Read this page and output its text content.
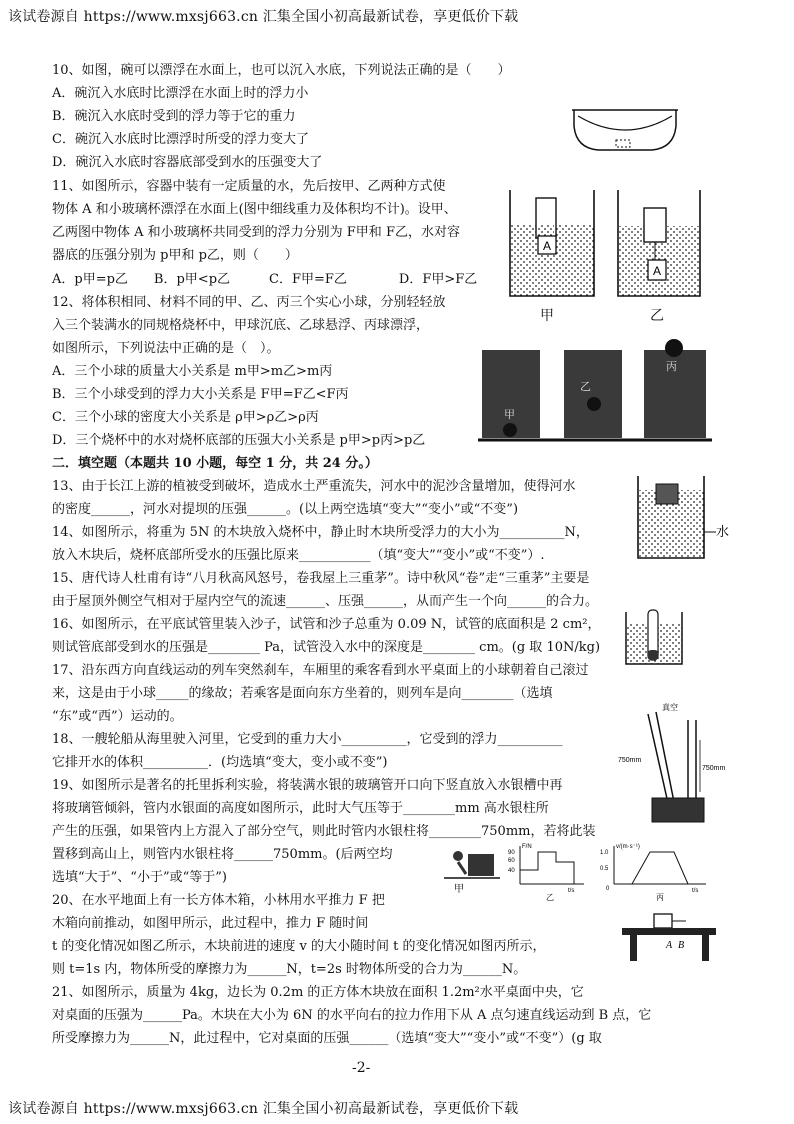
该试卷源自 https://www.mxsj663.cn 汇集全国小初高最新试卷，享更低价下载
10、如图，碗可以漂浮在水面上，也可以沉入水底，下列说法正确的是（　　）
A．碗沉入水底时比漂浮在水面上时的浮力小
B．碗沉入水底时受到的浮力等于它的重力
C．碗沉入水底时比漂浮时所受的浮力变大了
D．碗沉入水底时容器底部受到水的压强变大了
11、如图所示，容器中装有一定质量的水，先后按甲、乙两种方式使
物体 A 和小玻璃杯漂浮在水面上(图中细线重力及体积均不计)。设甲、
乙两图中物体 A 和小玻璃杯共同受到的浮力分别为 F甲和 F乙，水对容
器底的压强分别为 p甲和 p乙，则（　　）
A．p甲=p乙　　B．p甲<p乙　　　C．F甲=F乙　　　　D．F甲>F乙
12、将体积相同、材料不同的甲、乙、丙三个实心小球，分别轻轻放
入三个装满水的同规格烧杯中，甲球沉底、乙球悬浮、丙球漂浮，
如图所示，下列说法中正确的是（　）。
A．三个小球的质量大小关系是 m甲>m乙>m丙
B．三个小球受到的浮力大小关系是 F甲=F乙<F丙
C．三个小球的密度大小关系是 ρ甲>ρ乙>ρ丙
D．三个烧杯中的水对烧杯底部的压强大小关系是 p甲>p丙>p乙
二．填空题（本题共 10 小题，每空 1 分，共 24 分。）
13、由于长江上游的植被受到破坏，造成水土严重流失，河水中的泥沙含量增加，使得河水
的密度______，河水对提坝的压强______。(以上两空选填“变大”“变小”或“不变”)
14、如图所示，将重为 5N 的木块放入烧杯中，静止时木块所受浮力的大小为__________N，
放入木块后，烧杯底部所受水的压强比原来___________（填“变大”“变小”或“不变”）.
15、唐代诗人杜甫有诗“八月秋高风怒号，卷我屋上三重茅”。诗中秋风“卷”走“三重茅”主要是
由于屋顶外侧空气相对于屋内空气的流速______、压强______，从而产生一个向______的合力。
16、如图所示，在平底试管里装入沙子，试管和沙子总重为 0.09 N，试管的底面积是 2 cm²，
则试管底部受到水的压强是________ Pa，试管没入水中的深度是________ cm。(g 取 10N/kg)
17、沿东西方向直线运动的列车突然刹车，车厢里的乘客看到水平桌面上的小球朝着自己滚过
来，这是由于小球_____的缘故；若乘客是面向东方坐着的，则列车是向________（选填
“东”或“西”）运动的。
18、一艘轮船从海里驶入河里，它受到的重力大小__________，它受到的浮力__________
它排开水的体积__________．(均选填“变大，变小或不变”)
19、如图所示是著名的托里拆利实验，将装满水银的玻璃管开口向下竖直放入水银槽中再
将玻璃管倾斜，管内水银面的高度如图所示，此时大气压等于________mm 高水银柱所
产生的压强，如果管内上方混入了部分空气，则此时管内水银柱将________750mm，若将此装
置移到高山上，则管内水银柱将______750mm。(后两空均
选填“大于”、“小于”或“等于”)
20、在水平地面上有一长方体木箱，小林用水平推力 F 把
木箱向前推动，如图甲所示，此过程中，推力 F 随时间
t 的变化情况如图乙所示，木块前进的速度 v 的大小随时间 t 的变化情况如图丙所示，
则 t=1s 内，物体所受的摩擦力为______N，t=2s 时物体所受的合力为______N。
21、如图所示，质量为 4kg，边长为 0.2m 的正方体木块放在面积 1.2m²水平桌面中央，它
对桌面的压强为______Pa。木块在大小为 6N 的水平向右的拉力作用下从 A 点匀速直线运动到 B 点，它
所受摩擦力为______N，此过程中，它对桌面的压强______（选填“变大”“变小”或“不变”）(g 取
A
A
甲	乙
甲
乙
丙
水
真空
750mm
750mm
甲
F/N
90
60
40
t/s
乙
v/(m·s⁻¹)
1.0
0.5
0	t/s
丙
A B
-2-
该试卷源自 https://www.mxsj663.cn 汇集全国小初高最新试卷，享更低价下载
